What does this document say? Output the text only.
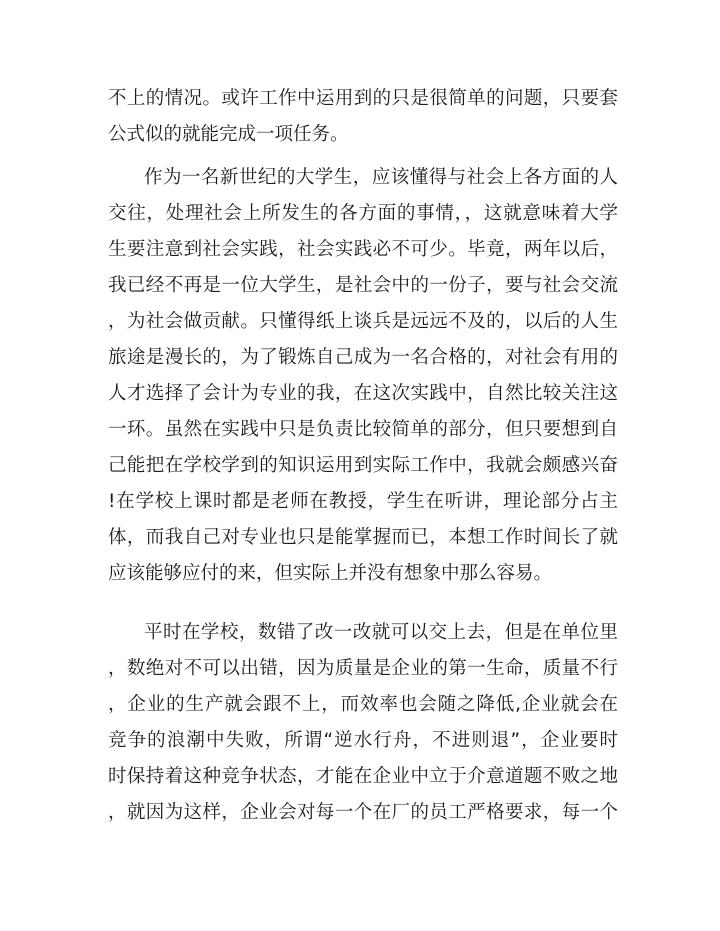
不上的情况。或许工作中运用到的只是很简单的问题，只要套
公式似的就能完成一项任务。
作为一名新世纪的大学生，应该懂得与社会上各方面的人
交往，处理社会上所发生的各方面的事情，，这就意味着大学
生要注意到社会实践，社会实践必不可少。毕竟，两年以后，
我已经不再是一位大学生，是社会中的一份子，要与社会交流
，为社会做贡献。只懂得纸上谈兵是远远不及的，以后的人生
旅途是漫长的，为了锻炼自己成为一名合格的，对社会有用的
人才选择了会计为专业的我，在这次实践中，自然比较关注这
一环。虽然在实践中只是负责比较简单的部分，但只要想到自
己能把在学校学到的知识运用到实际工作中，我就会颇感兴奋
!在学校上课时都是老师在教授，学生在听讲，理论部分占主
体，而我自己对专业也只是能掌握而已，本想工作时间长了就
应该能够应付的来，但实际上并没有想象中那么容易。
平时在学校，数错了改一改就可以交上去，但是在单位里
，数绝对不可以出错，因为质量是企业的第一生命，质量不行
，企业的生产就会跟不上，而效率也会随之降低,企业就会在
竞争的浪潮中失败，所谓“逆水行舟，不进则退”，企业要时
时保持着这种竞争状态，才能在企业中立于介意道题不败之地
，就因为这样，企业会对每一个在厂的员工严格要求，每一个
